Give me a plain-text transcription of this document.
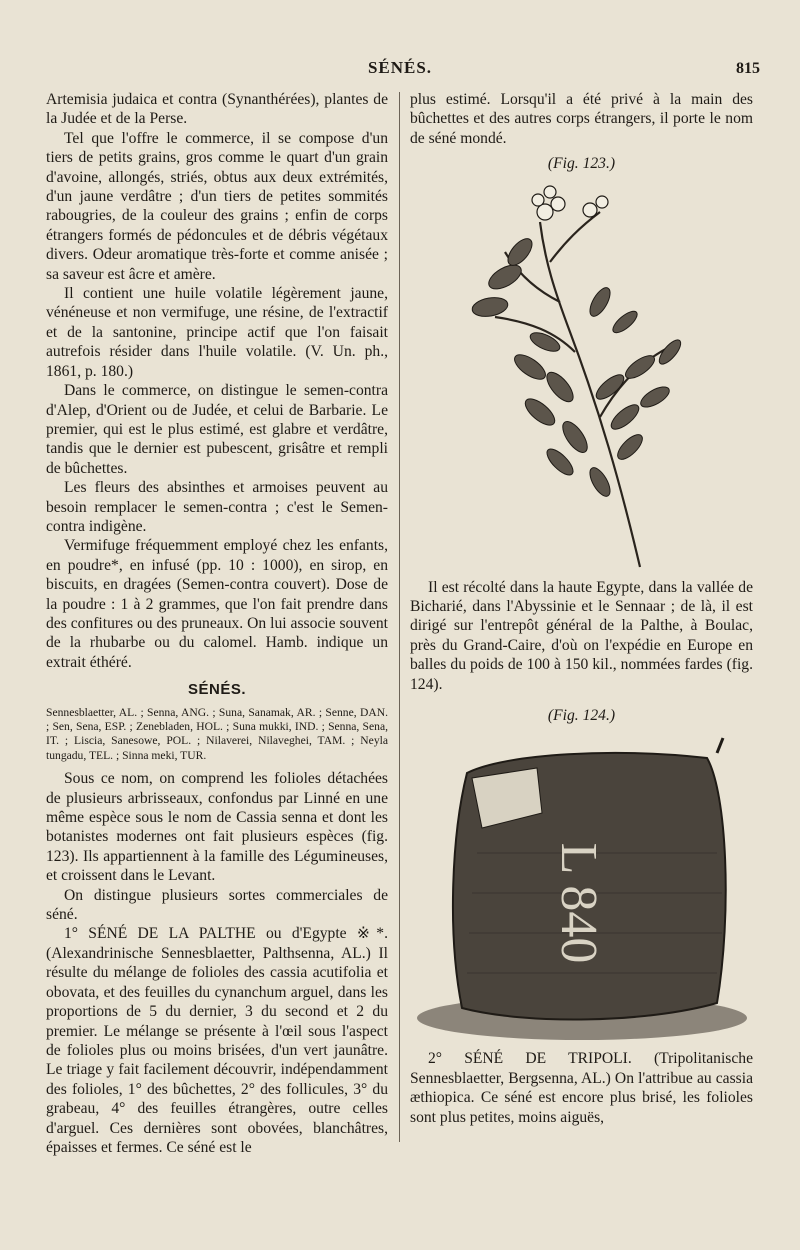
SÉNÉS.	815

Artemisia judaica et contra (Synanthérées), plantes de la Judée et de la Perse.

Tel que l'offre le commerce, il se compose d'un tiers de petits grains, gros comme le quart d'un grain d'avoine, allongés, striés, obtus aux deux extrémités, d'un jaune verdâtre ; d'un tiers de petites sommités rabougries, de la couleur des grains ; enfin de corps étrangers formés de pédoncules et de débris végétaux divers. Odeur aromatique très-forte et comme anisée ; sa saveur est âcre et amère.

Il contient une huile volatile légèrement jaune, vénéneuse et non vermifuge, une résine, de l'extractif et de la santonine, principe actif que l'on faisait autrefois résider dans l'huile volatile. (V. Un. ph., 1861, p. 180.)

Dans le commerce, on distingue le semen-contra d'Alep, d'Orient ou de Judée, et celui de Barbarie. Le premier, qui est le plus estimé, est glabre et verdâtre, tandis que le dernier est pubescent, grisâtre et rempli de bûchettes.

Les fleurs des absinthes et armoises peuvent au besoin remplacer le semen-contra ; c'est le Semen-contra indigène.

Vermifuge fréquemment employé chez les enfants, en poudre*, en infusé (pp. 10 : 1000), en sirop, en biscuits, en dragées (Semen-contra couvert). Dose de la poudre : 1 à 2 grammes, que l'on fait prendre dans des confitures ou des pruneaux. On lui associe souvent de la rhubarbe ou du calomel. Hamb. indique un extrait éthéré.

SÉNÉS.

Sennesblaetter, AL. ; Senna, ANG. ; Suna, Sanamak, AR. ; Senne, DAN. ; Sen, Sena, ESP. ; Zenebladen, HOL. ; Suna mukki, IND. ; Senna, Sena, IT. ; Liscia, Sanesowe, POL. ; Nilaverei, Nilaveghei, TAM. ; Neyla tungadu, TEL. ; Sinna meki, TUR.

Sous ce nom, on comprend les folioles détachées de plusieurs arbrisseaux, confondus par Linné en une même espèce sous le nom de Cassia senna et dont les botanistes modernes ont fait plusieurs espèces (fig. 123). Ils appartiennent à la famille des Légumineuses, et croissent dans le Levant.

On distingue plusieurs sortes commerciales de séné.

1° SÉNÉ DE LA PALTHE ou d'Egypte ※*. (Alexandrinische Sennesblaetter, Palthsenna, AL.) Il résulte du mélange de folioles des cassia acutifolia et obovata, et des feuilles du cynanchum arguel, dans les proportions de 5 du dernier, 3 du second et 2 du premier. Le mélange se présente à l'œil sous l'aspect de folioles plus ou moins brisées, d'un vert jaunâtre. Le triage y fait facilement découvrir, indépendamment des folioles, 1° des bûchettes, 2° des follicules, 3° du grabeau, 4° des feuilles étrangères, outre celles d'arguel. Ces dernières sont obovées, blanchâtres, épaisses et fermes. Ce séné est le

plus estimé. Lorsqu'il a été privé à la main des bûchettes et des autres corps étrangers, il porte le nom de séné mondé.

(Fig. 123.)

Il est récolté dans la haute Egypte, dans la vallée de Bicharié, dans l'Abyssinie et le Sennaar ; de là, il est dirigé sur l'entrepôt général de la Palthe, à Boulac, près du Grand-Caire, d'où on l'expédie en Europe en balles du poids de 100 à 150 kil., nommées fardes (fig. 124).

(Fig. 124.)
L 840

2° SÉNÉ DE TRIPOLI. (Tripolitanische Sennesblaetter, Bergsenna, AL.) On l'attribue au cassia æthiopica. Ce séné est encore plus brisé, les folioles sont plus petites, moins aiguës,
